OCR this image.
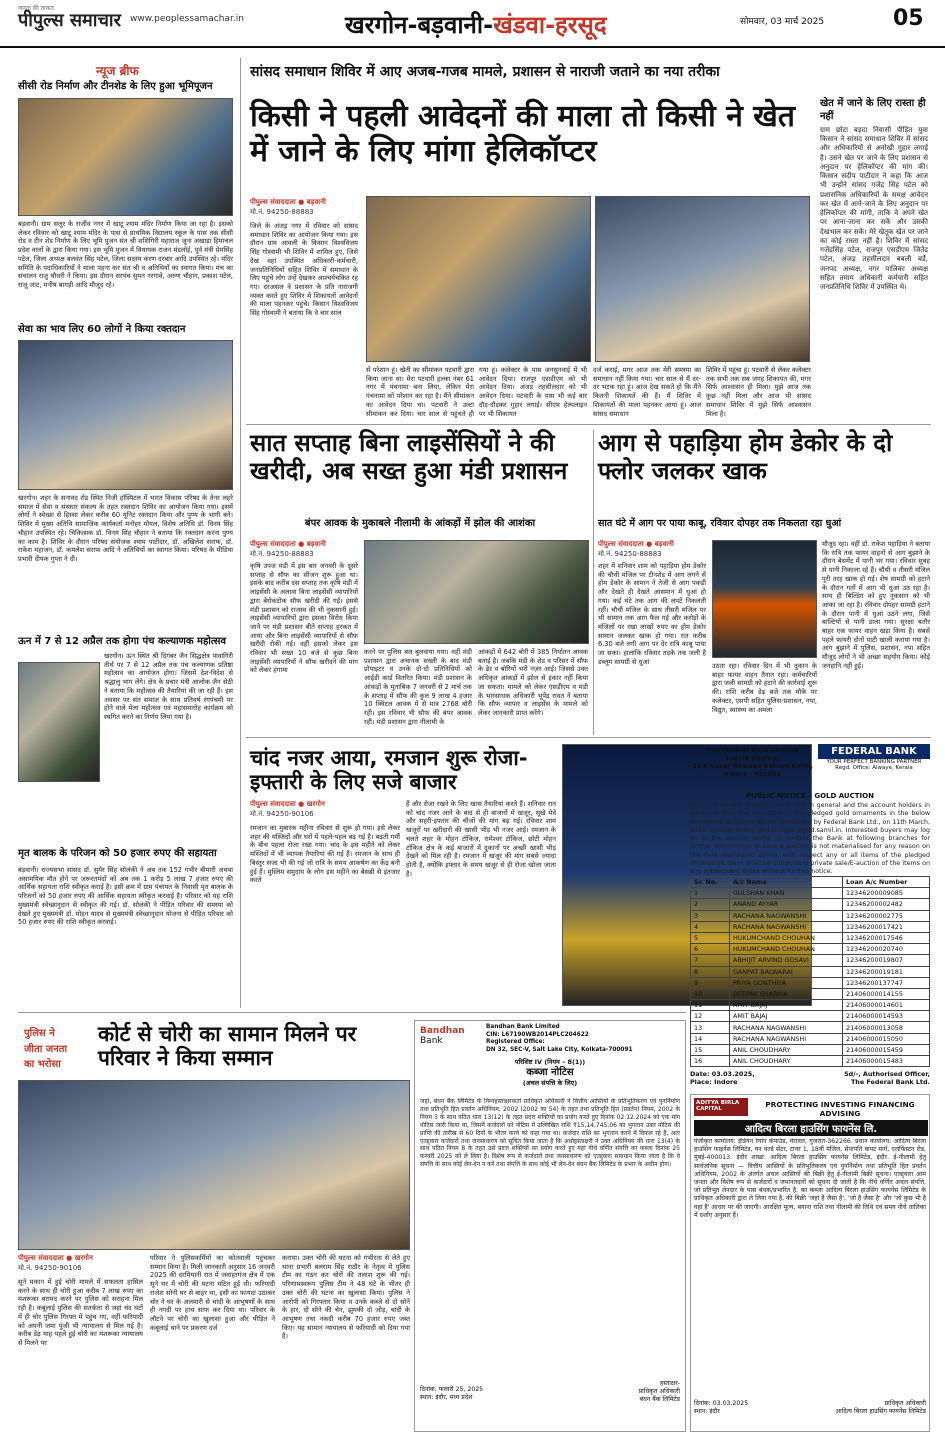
जनता की ताकत
पीपुल्स समाचार www.peoplessamachar.in	खरगोन-बड़वानी-खंडवा-हरसूद	सोमवार, 03 मार्च 2025	05
न्यूज ब्रीफ
सीसी रोड निर्माण और टीनशेड के लिए हुआ भूमिपूजन
बड़वानी। ग्राम सलूर के राजीव नगर में खाटू श्याम मंदिर निर्माण किया जा रहा है। इसको लेकर रविवार को खाटू श्याम मंदिर के पास से प्राथमिक विद्यालय स्कूल के पास तक सीसी रोड व टीन शेड निर्माण के लिए भूमि पूजन संत श्री शशिगिरी महाराज जूना अखाड़ा हिमाचल प्रदेश वालों के द्वारा किया गया। इस भूमि पूजन में विधायक राजन मंडलोई, पूर्व मंत्री प्रेमसिंह पटेल, जिला अध्यक्ष बलवंत सिंह पटेल, जिला सदस्य करण दरबार आदि उपस्थित रहे। मंदिर समिति के पदाधिकारियों ने माला पहना कर संत श्री व अतिथियों का स्वागत किया। मंच का संचालन राजु चौधरी ने किया। इस दौरान सरपंच सुमन नरगावे, अरुण चौहान, प्रकाश पटेल, राजू जाट, मनीष बागड़ी आदि मौजूद रहे।
सेवा का भाव लिए 60 लोगों ने किया रक्तदान
खरगोन। शहर के सनावद रोड स्थित निजी हॉस्पिटल में भारत विकास परिषद के तेनर लहरे समाज में सेवा व संस्कार संकल्प के तहत रक्तदान शिविर का आयोजन किया गया। इसमें लोगों ने स्वेच्छा से हिस्सा लेकर करीब 60 यूनिट रक्तदान किया और पुण्य के भागी बने। शिविर में मुख्य अतिथि सामाजिक कार्यकर्ता मनोहर मोयल, विशेष अतिथि डॉ. विनय सिंह चौहान उपस्थित रहे। चिकित्सक डॉ. विनय सिंह चौहान ने बताया कि रक्तदान करना पुण्य का काम है। शिविर के दौरान परिषद संयोजक श्याम पाटीदार, डॉ. अखिलेश सराफ, डॉ. राकेश महाजन, डॉ. कमलेश सराफ आदि ने अतिथियों का स्वागत किया। परिषद के मीडिया प्रभारी दीपक गुप्ता ने दी।
ऊन में 7 से 12 अप्रैल तक होगा पंच कल्याणक महोत्सव
खरगोन। ऊन स्थित श्री दिगंबर जैन सिद्धक्षेत्र पावागिरी तीर्थ पर 7 से 12 अप्रैल तक पंच कल्याणक प्रतिष्ठा महोत्सव का आयोजन होगा। जिसमें देश-विदेश से श्रद्धालु भाग लेंगे। क्षेत्र के प्रचार मंत्री आलोक जैन सेठी ने बताया कि महोत्सव की तैयारियां की जा रही हैं। इस अवसर पर संत समाज के साथ प्रतिवर्ष रंगपंचमी पर होने वाले मेला महोत्सव एवं महासमारोह कार्यक्रम को स्थगित करने का निर्णय लिया गया है।
मृत बालक के परिजन को 50 हजार रुपए की सहायता
बड़वानी। राज्यसभा सांसद डॉ. सुमेर सिंह सोलंकी ने अब तक 152 गंभीर बीमारी अथवा असामयिक मौत होने पर जरूरतमंदों को अब तक 1 करोड़ 5 लाख 7 हजार रुपए की आर्थिक सहायता राशि स्वीकृत कराई है। इसी क्रम में ग्राम पंचायत के निवासी मृत बालक के परिजनों को 50 हजार रुपए की आर्थिक सहायता स्वीकृत करवाई है। परिवार को यह राशि मुख्यमंत्री स्वेच्छानुदान से स्वीकृत की गई। डॉ. सोलंकी ने पीड़ित परिवार की समस्या को देखते हुए मुख्यमंत्री डॉ. मोहन यादव से मुख्यमंत्री स्वेच्छानुदान योजना से पीड़ित परिवार को 50 हजार रुपए की राशि स्वीकृत करवाई।
सांसद समाधान शिविर में आए अजब-गजब मामले, प्रशासन से नाराजी जताने का नया तरीका
किसी ने पहली आवेदनों की माला तो किसी ने खेत में जाने के लिए मांगा हेलिकॉप्टर
पीपुल्स संवाददाता ● बड़वानी
मो.नं. 94250-88883
जिले के अंजड़ नगर में रविवार को सांसद समाधान शिविर का आयोजन किया गया। इस दौरान ग्राम आवली के किसान विश्वविजय सिंह गोस्वामी भी शिविर में शामिल हुए, जिसे देख वहां उपस्थित अधिकारी-कर्मचारी, जनप्रतिनिधियों सहित शिविर में समाधान के लिए पहुंचे लोग उन्हें देखकर आश्चर्यचकित रह गए। दरअसल वे प्रशासन के प्रति नाराजगी व्यक्त करते हुए शिविर में शिकायतों आवेदनों की माला पहनकर पहुंचे। किसान विश्वविजय सिंह गोस्वामी ने बताया कि वे चार साल
से परेशान हूं। खेती का सीमांकन पटवारी द्वारा किया जाना था। मेरा पटवारी हल्का नंबर 61 नगर में पंचनामा बना लिया, लेकिन मेरा पंचनामा को परेशान कर रहा है। मैंने सीमांकन का आवेदन दिया था। पटवारी ने उल्टा सीमांकन कर दिया। चार साल से पहुंचते ही
गया हूं। कलेक्टर के पास जनसुनवाई में भी आवेदन दिया। राजपुर एसडीएम को भी आवेदन दिया। अंजड़ तहसीलदार को भी आवेदन दिया। पटवारी के पास भी कई बार दौड़-दौड़कर गुहार लगाई। सीएम हेल्पलाइन पर भी शिकायत
दर्ज कराई, मगर आज तक मेरी समस्या का समाधान नहीं किया गया। चार साल से मैं दर-दर भटक रहा हूं। आज देख सकते हो कि मैंने कितनी शिकायतें की हैं। मैं शिविर में शिकायतों की माला पहनकर आया हूं। आज सांसद समाधान
शिविर में पहुंचा हूं। पटवारी से लेकर कलेक्टर तक सभी तक सब जगह शिकायत की, मगर सिर्फ आश्वासन ही मिला। मुझे आज तक कुछ नहीं मिला और आज भी सांसद समाधान शिविर में मुझे सिर्फ आश्वासन मिला है।
खेत में जाने के लिए रास्ता ही नहीं
ग्राम छोटा बड़दा निवासी पीड़ित युवा किसान ने सांसद समाधान शिविर में सांसद और अधिकारियों से अनोखी गुहार लगाई है। उसने खेत पर जाने के लिए प्रशासन से अनुदान पर हेलिकॉप्टर की मांग की। किसान संदीप पाटीदार ने कहा कि आज भी उन्होंने सांसद गजेंद्र सिंह पटेल को प्रशासनिक अधिकारियों के समक्ष आवेदन कर खेत में आने-जाने के लिए अनुदान पर हेलिकॉप्टर की मांगी, ताकि वे अपने खेत पर आना-जाना कर सकें और उसकी देखभाल कर सकें। मेरे खेतूक खेत पर जाने का कोई रास्ता नहीं है। शिविर में सांसद गजेंद्रसिंह पटेल, राजपुर एसडीएम जितेंद्र पटेल, अंजड़ तहसीलदार बबली बर्डे, जनपद अध्यक्ष, नगर पालिका अध्यक्ष सहित तमाम अधिकारी कर्मचारी सहित जनप्रतिनिधि शिविर में उपस्थित थे।
सात सप्ताह बिना लाइसेंसियों ने की खरीदी, अब सख्त हुआ मंडी प्रशासन
बंपर आवक के मुकाबले नीलामी के आंकड़ों में झोल की आशंका
पीपुल्स संवाददाता ● बड़वानी
मो.नं. 94250-88883
कृषि उपज मंडी में इस बार जनवरी के दूसरे सप्ताह से सौफ का सीजन शुरू हुआ था। इसके बाद करीब दस सप्ताह तक कृषि मंडी में लाइसेंसी के अलावा बिना लाइसेंसी व्यापारियों द्वारा बेरोकटोक सौफ खरीदी की गई। इससे मंडी प्रशासन को राजस्व की भी नुकसानी हुई। लाइसेंसी व्यापारियों द्वारा इसका विरोध किया जाने पर मंडी प्रशासन बीते सप्ताह हरकत में आया और बिना लाइसेंसी व्यापारियों से सौफ खरीदी रोकी गई। वहीं इसको लेकर इस रविवार भी सख्त 10 बजे से कुछ बिना लाइसेंसी व्यापारियों ने सौफ खरीदने की मांग को लेकर हंगामा
करने पर पुलिस बल बुलवाया गया। वहीं मंडी प्रशासन द्वारा अचानक सख्ती के बाद मंडी प्रोपाइटर व उनके दो-दो प्रतिनिधियों को आईडी कार्ड वितरित किया। मंडी प्रशासन के आंकड़ों के मुताबिक 7 जनवरी से 2 मार्च तक के सप्ताह में सौफ की कुल 9 लाख 4 हजार 10 क्विंटल आवक में से मात्र 2768 बोरी रही। इस रविवार भी सौफ की बंपर आवक रही। मंडी प्रशासन द्वारा नीलामी के
आंकड़ों में 642 बोरी में 385 निर्यातन आवक बताई है। जबकि मंडी के शेड व परिसर में सौफ के ढेर व बोरियों भरी नज़र आई। जिससे उक्त अधिकृत आंकड़ों में झोल से इंकार नहीं किया जा सकता। मामले को लेकर एसडीएम व मंडी के भारसाधक अधिकारी भूपेंद्र रावत ने बताया कि सौफ व्यापार व लाइसेंस के मामले को लेकर जानकारी प्राप्त करेंगे।
आग से पहाड़िया होम डेकोर के दो फ्लोर जलकर खाक
सात घंटे में आग पर पाया काबू, रविवार दोपहर तक निकलता रहा धुआं
पीपुल्स संवाददाता ● बड़वानी
मो.नं. 94250-88883
शहर में शनिवार शाम को पहाड़िया होम डेकोर की चौथी मंजिल पर टीनशेड में आग लगने से होम डेकोर के सामान ने तेजी से आग पकड़ी और देखते ही देखते आसमान में धुआं हो गया। कई घंटे तक आग की लपटें निकलती रहीं। चौथी मंजिल के साथ तीसरी मंजिल पर भी सामान तक आग फैल गई और करोड़ों के मंजिलों पर रखा लाखों रुपए का होम डेकोर सामान जलकर खाक हो गया। रात करीब 6.30 बजे लगी आग पर देर रात्रि काबू पाया जा सका। हालांकि रविवार तड़के तक जली है डब्लूम सामग्री से धुआं
उठता रहा। रविवार दिन में भी दुकान के बाहर फायर वाहन तैनात रहा। कर्मचारियों द्वारा जली सामग्री को हटाने की कार्रवाई शुरू की। राशि करीब डेढ़ बजे तक मौके पर कलेक्टर, एसपी सहित पुलिस-प्रशासन, नपा, विद्युत, स्वास्थ्य का अमला
मौजूद रहा। वहीं डॉ. राकेश पहाड़िया ने बताया कि रात्रि तक फायर वाहनों से आग बुझाने के दौरान बेसमेंट में पानी भर गया। रविवार सुबह से पानी निकाला रहे हैं। चौथी व तीसरी मंजिल पूरी तरह खाक हो गई। शेष सामग्री को हटाने के दौरान गतों में आग भी धुआं उठ रहा है। साथ ही बिल्डिंग को हुए नुकसान को भी आंका जा रहा है। रविवार दोपहर सामग्री हटाने के दौरान पानी में धुआं उठने लगा, जिसे बाल्टियों से पानी डाला गया। सुरक्षा बतौर बाहर एक फायर वाहन खड़ा किया है। सबसे पहले फायरी दोनों पाटी खाली कराया गया है। आग बुझाने में पुलिस, प्रशासन, नपा सहित मौजूद लोगों ने भी अच्छा सहयोग किया। कोई जनहानि नहीं हुई।
चांद नजर आया, रमजान शुरू रोजा-इफ्तारी के लिए सजे बाजार
पीपुल्स संवाददाता ● खरगोन
मो.नं. 94250-90106
रमजान का मुबारक महीना रविवार से शुरू हो गया। इसे लेकर शहर की मस्जिदों और घरों में पहले-पहल बढ़ गई है। बढ़ती गर्मी के बीच पहला रोजा रखा गया। चांद के इस महीने को लेकर मस्जिदों में भी व्यापक तैयारियां की गई हैं। रमजान के साथ ही बिस्तुर सजा भी की गई जो रात्रि के समय आकर्षण का केंद्र बनी हुई हैं। मुस्लिम समुदाय के लोग इस महीने का बेसब्री से इंतजार करते
हैं और रोजा रखने के लिए खास तैयारियां करते हैं। शनिवार रात को चांद नजर आने के बाद से ही बाजारों में खजूर, सूखे मेवे और सहरी-इफ्तार की चीजों की मांग बढ़ गई। रविवार शाम खजूरों पर खरीदारों की खासी भीड़ भी नजर आई। रमजान के चलते शहर के मोहन टॉकिज, रामेश्वर टॉकिज, छोटी मोहन टॉकिज क्षेत्र के कई बाजारों में दुकानों पर अच्छी खासी भीड़ देखने को मिल रही है। रमजान में खजूर की मांग सबसे ज्यादा होती है, क्योंकि इफ्तार के समय खजूर से ही रोजा खोला जाता है।
FEDERAL BANK
YOUR PERFECT BANKING PARTNER
Regd. Office: Alwaye, Kerala
The Federal Bank Limited
Indore Region,
21/6 Sakar Bhawan Ratlam Kothi,
Indore - 452001
PUBLIC NOTICE – GOLD AUCTION
Notice is hereby given to the public in general and the account holders in particular that the e-auction of the pledged gold ornaments in the below mentioned accounts will be conducted by Federal Bank Ltd., on 11th March, 2025 through online portal https://gold.samil.in. Interested buyers may log on to the auction portal or contact the Bank at following branches for further information. In case e-auction is not materialised for any reason on the date mentioned above, with respect any or all items of the pledged ornaments, Bank shall be conducting private sale/E-auction of the items on any subsequent dates without further notice.
Sr. No.	A/c Name	Loan A/c Number
1	GULSHAN KHAN	12346200009085
2	ANAND AYYAR	12346200002482
3	RACHANA NAGWANSHI	12346200002775
4	RACHANA NAGWANSHI	12346200017421
5	HUKUMCHAND CHOUHAN	12346200017546
6	HUKUMCHAND CHOUHAN	12346200020740
7	ABHIJIT ARVIND GOSAVI	12346200019807
8	GANPAT BALWARAI	12346200019181
9	PRIYA GONTHIYA	12346200137747
10	DEEPAK SHARMA	21406000014155
11	AMIT BAJAJ	21406000014601
12	AMIT BAJAJ	21406000014593
13	RACHANA NAGWANSHI	21406000013058
14	RACHANA NAGWANSHI	21406000015050
15	ANIL CHOUDHARY	21406000015459
16	ANIL CHOUDHARY	21406000015483
Date: 03.03.2025,
Place: Indore
Sd/-, Authorised Officer,
The Federal Bank Ltd.
पुलिस ने
जीता जनता
का भरोसा
कोर्ट से चोरी का सामान मिलने पर परिवार ने किया सम्मान
पीपुल्स संवाददाता ● खरगोन
मो.नं. 94250-90106
सूने मकान में हुई चोरी मामले में सफलता हासिल करने के साथ ही चोरी हुआ करीब 7 लाख रुपए का मशरूका बरामद करने पर पुलिस को सराहना मिल रही है। कबूलाई पुलिस की सतर्कता से जहां चंद घंटों में ही चोर पुलिस गिरफ्त में पहुंच गए, वहीं फरियादी को अपनी जमा पूंजी भी न्यायालय से मिल गई है। करीब डेढ़ माह पहले हुई चोरी का मशरूका न्यायालय से मिलने पर
परिवार ने पुलिसकर्मियों का कोतवाली पहुंचकर सम्मान किया है। मिली जानकारी अनुसार 16 जनवरी 2025 की दरमियानी रात में जवाहरगंज क्षेत्र में एक सूने घर में चोरी की घटना घटित हुई थी। फरियादी राजेश सोनी घर से बाहर था, इसी का फायदा उठाकर चोर ने घर के अलमारी से चांदी के आभूषणों के साथ ही नगदी पर हाथ साफ कर दिया था। परिवार के लौटने पर चोरी का खुलासा हुआ और पीड़ित ने कबूलाई थाने पर प्रकरण दर्ज
कराया। उक्त चोरी की घटना को गंभीरता से लेते हुए थाना प्रभारी बलराम सिंह राठौर के नेतृत्व में पुलिस टीम का गठन कर चोरों की तलाश शुरू की गई। परिणामस्वरूप पुलिस टीम ने 48 घंटे के भीतर ही उक्त चोरी की घटना का खुलासा किया। पुलिस ने आरोपी को गिरफ्तार किया व उनके कब्जे से दो सोने के हार, दो सोने की चेन, झुमकी दो जोड़, चांदी के आभूषण तथा नकदी करीब 70 हजार रुपए जब्त किए। यह सामान न्यायालय से फरियादी को दिया गया है।
Bandhan
Bank
Bandhan Bank Limited
CIN: L67190WB2014PLC204622
Registered Office:
DN 32, SEC-V, Salt Lake City, Kolkata-700091
परिशिष्ट IV (नियम – 8(1))
कब्जा नोटिस
(अचल संपत्ति के लिए)
जहां, बंधन बैंक लिमिटेड के निम्नहस्ताक्षरकर्ता प्राधिकृत अधिकारी ने वित्तीय आस्तियों के प्रतिभूतिकरण एवं पुनर्निर्माण तथा प्रतिभूति हित प्रवर्तन अधिनियम, 2002 (2002 का 54) के तहत तथा प्रतिभूति हित (प्रवर्तन) नियम, 2002 के नियम 3 के साथ पठित धारा 13(12) के तहत प्रदत्त शक्तियों का प्रयोग करते हुए दिनांक 02.12.2024 को एक मांग नोटिस जारी किया था, जिसमें कर्जदारों को नोटिस में उल्लिखित राशि ₹15,14,745.06 का भुगतान उक्त नोटिस की प्राप्ति की तारीख से 60 दिनों के भीतर करने को कहा गया था। कर्जदार राशि का भुगतान करने में विफल रहे हैं, अतः एतद्द्वारा कर्जदारों तथा जनसाधारण को सूचित किया जाता है कि अधोहस्ताक्षरी ने उक्त अधिनियम की धारा 13(4) के साथ पठित नियम 8 के तहत उसे प्रदत्त शक्तियों का प्रयोग करते हुए यहां नीचे वर्णित संपत्ति का कब्जा दिनांक 25 फरवरी 2025 को ले लिया है। विशेष रूप से कर्जदारों तथा जनसाधारण को एतद्द्वारा सावधान किया जाता है कि वे संपत्ति के साथ कोई लेन-देन न करें तथा संपत्ति के साथ कोई भी लेन-देन बंधन बैंक लिमिटेड के प्रभार के अधीन होगा।
दिनांक: फरवरी 25, 2025
स्थान: इंदौर, मध्य प्रदेश
हस्ताक्षर-
प्राधिकृत अधिकारी
बंधन बैंक लिमिटेड
ADITYA BIRLA CAPITAL
PROTECTING INVESTING FINANCING ADVISING
आदित्य बिरला हाउसिंग फायनेंस लि.
पंजीकृत कार्यालय: इंडियन रेयान कंपाउंड, वेरावल, गुजरात-362266. प्रधान कार्यालय: आदित्य बिरला हाउसिंग फाइनेंस लिमिटेड, वन वर्ल्ड सेंटर, टावर 1, 18वीं मंजिल, सेनापति बापट मार्ग, एलफिंस्टन रोड, मुंबई-400013. इंदौर शाखा: आदित्य बिरला हाउसिंग फायनेंस लिमिटेड, इंदौर. ई-नीलामी हेतु सार्वजनिक सूचना — वित्तीय आस्तियों के प्रतिभूतिकरण एवं पुनर्निर्माण तथा प्रतिभूति हित प्रवर्तन अधिनियम, 2002 के अंतर्गत अचल आस्तियों की बिक्री हेतु ई-नीलामी बिक्री सूचना। एतद्द्वारा आम जनता और विशेष रूप से कर्जदारों व जमानतदारों को सूचना दी जाती है कि नीचे वर्णित अचल संपत्ति, जो प्रतिभूत लेनदार के पास बंधक/प्रभारित है, का कब्जा आदित्य बिरला हाउसिंग फायनेंस लिमिटेड के प्राधिकृत अधिकारी द्वारा ले लिया गया है, की बिक्री 'जहां है जैसा है', 'जो है जैसा है' और 'जो कुछ भी है वहां है' आधार पर की जाएगी। आरक्षित मूल्य, बयाना राशि तथा नीलामी की तिथि एवं समय नीचे तालिका में दर्शाए अनुसार हैं।
दिनांक: 03.03.2025
स्थान: इंदौर
प्राधिकृत अधिकारी
आदित्य बिरला हाउसिंग फायनेंस लिमिटेड
